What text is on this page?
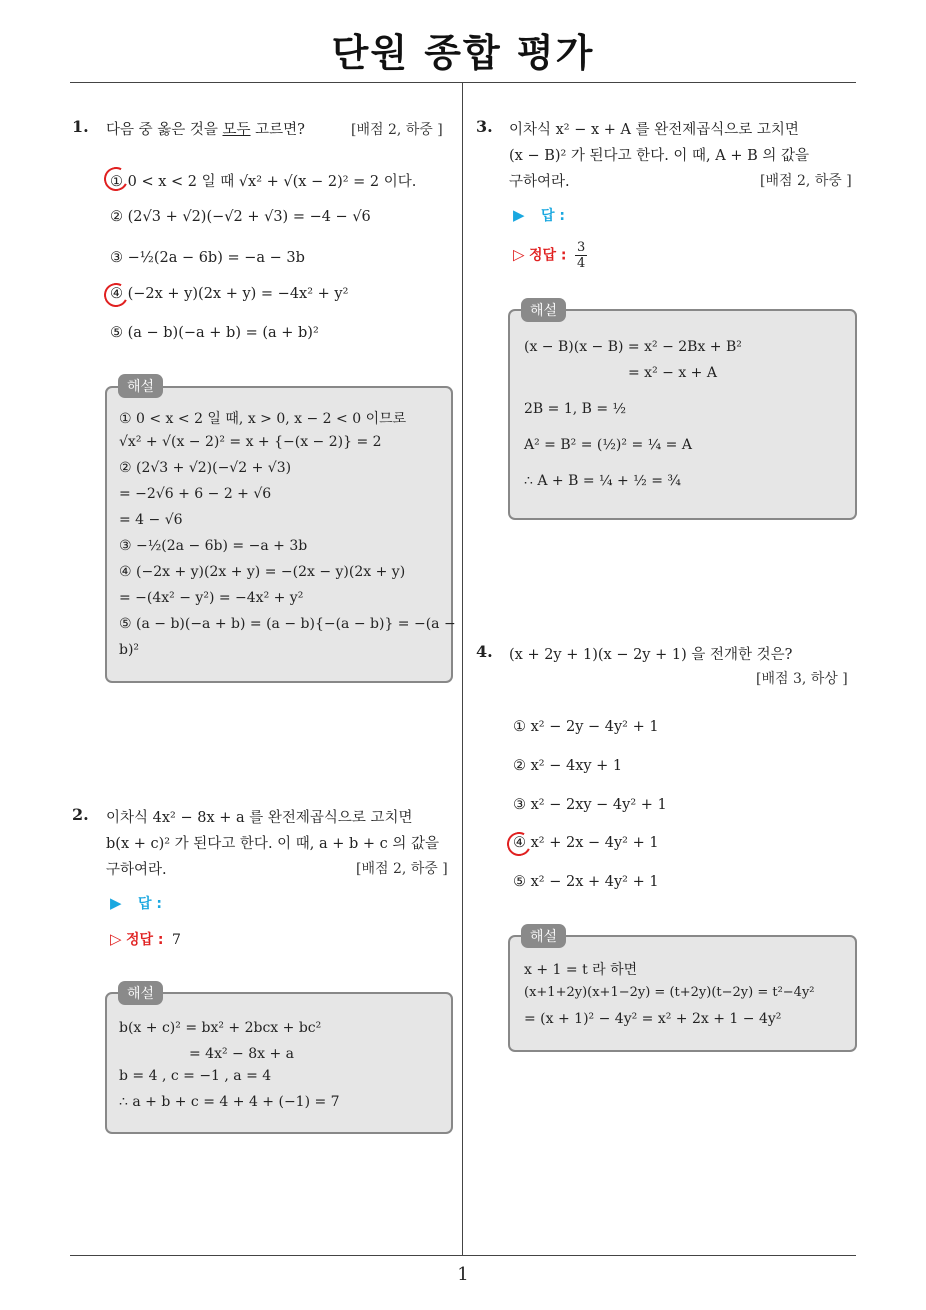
단원 종합 평가
1
1. 다음 중 옳은 것을 모두 고르면?	[배점 2, 하중 ]
① 0 < x < 2 일 때 √x² + √(x − 2)² = 2 이다.
② (2√3 + √2)(−√2 + √3) = −4 − √6
③ −½(2a − 6b) = −a − 3b
④ (−2x + y)(2x + y) = −4x² + y²
⑤ (a − b)(−a + b) = (a + b)²
① 0 < x < 2 일 때, x > 0, x − 2 < 0 이므로
√x² + √(x − 2)² = x + {−(x − 2)} = 2
② (2√3 + √2)(−√2 + √3)
= −2√6 + 6 − 2 + √6
= 4 − √6
③ −½(2a − 6b) = −a + 3b
④ (−2x + y)(2x + y) = −(2x − y)(2x + y)
= −(4x² − y²) = −4x² + y²
⑤ (a − b)(−a + b) = (a − b){−(a − b)} = −(a −
b)²
해설
2. 이차식 4x² − 8x + a 를 완전제곱식으로 고치면
b(x + c)² 가 된다고 한다. 이 때, a + b + c 의 값을
구하여라.	[배점 2, 하중 ]
▶ 답 :
▷ 정답 : 7
b(x + c)² = bx² + 2bcx + bc²
= 4x² − 8x + a
b = 4 , c = −1 , a = 4
∴ a + b + c = 4 + 4 + (−1) = 7
해설
3. 이차식 x² − x + A 를 완전제곱식으로 고치면
(x − B)² 가 된다고 한다. 이 때, A + B 의 값을
구하여라.	[배점 2, 하중 ]
▶ 답 :
▷ 정답 : $\frac{3}{4}$
(x − B)(x − B) = x² − 2Bx + B²
= x² − x + A
2B = 1, B = ½
A² = B² = (½)² = ¼ = A
∴ A + B = ¼ + ½ = ¾
해설
4. (x + 2y + 1)(x − 2y + 1) 을 전개한 것은?
[배점 3, 하상 ]
① x² − 2y − 4y² + 1
② x² − 4xy + 1
③ x² − 2xy − 4y² + 1
④ x² + 2x − 4y² + 1
⑤ x² − 2x + 4y² + 1
x + 1 = t 라 하면
(x+1+2y)(x+1−2y) = (t+2y)(t−2y) = t²−4y²
= (x + 1)² − 4y² = x² + 2x + 1 − 4y²
해설
